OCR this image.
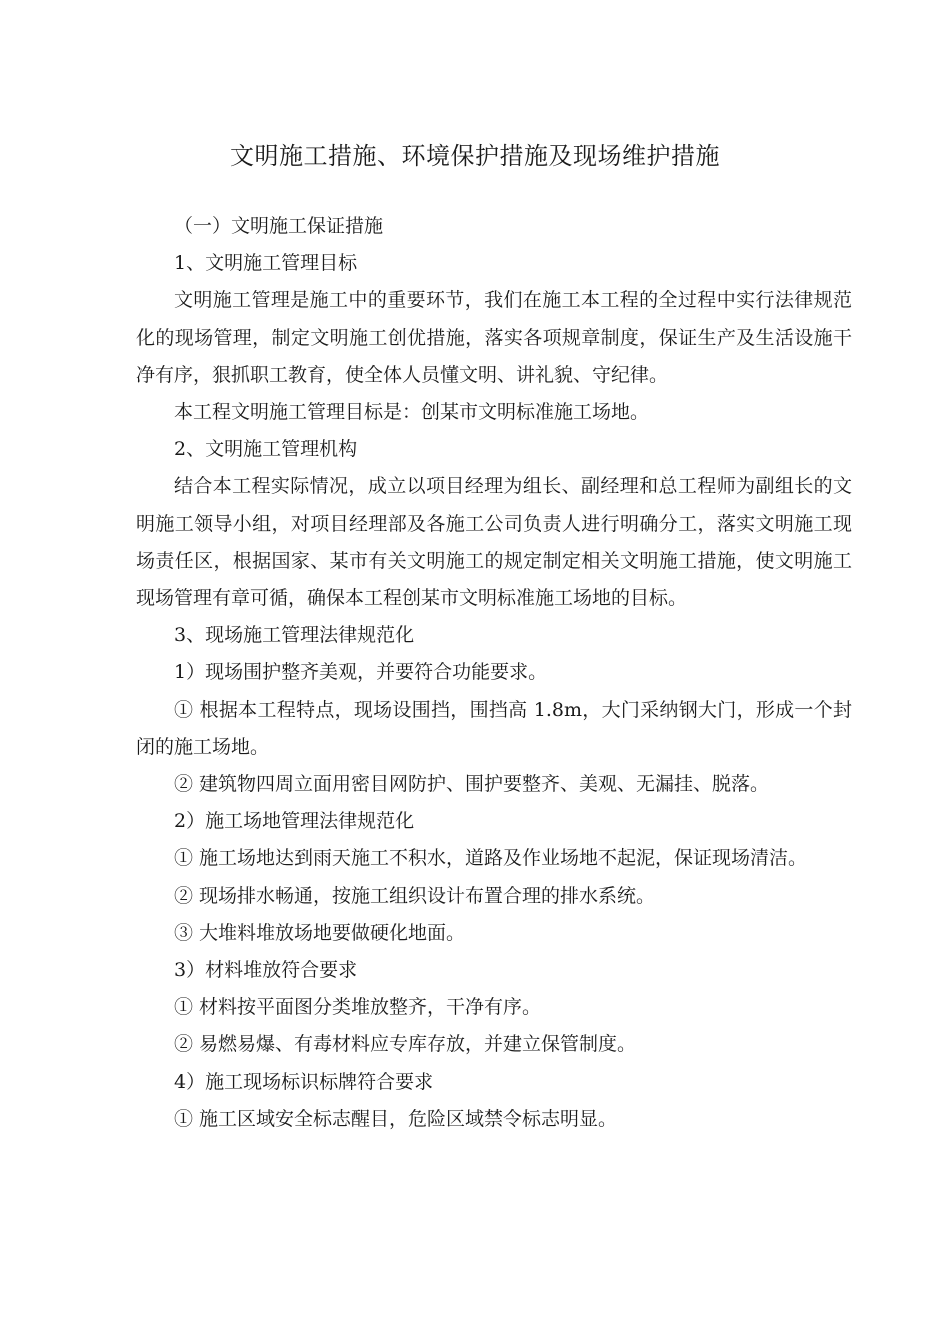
文明施工措施、环境保护措施及现场维护措施

（一）文明施工保证措施

1、文明施工管理目标

文明施工管理是施工中的重要环节，我们在施工本工程的全过程中实行法律规范化的现场管理，制定文明施工创优措施，落实各项规章制度，保证生产及生活设施干净有序，狠抓职工教育，使全体人员懂文明、讲礼貌、守纪律。

本工程文明施工管理目标是：创某市文明标准施工场地。

2、文明施工管理机构

结合本工程实际情况，成立以项目经理为组长、副经理和总工程师为副组长的文明施工领导小组，对项目经理部及各施工公司负责人进行明确分工，落实文明施工现场责任区，根据国家、某市有关文明施工的规定制定相关文明施工措施，使文明施工现场管理有章可循，确保本工程创某市文明标准施工场地的目标。

3、现场施工管理法律规范化

1）现场围护整齐美观，并要符合功能要求。

① 根据本工程特点，现场设围挡，围挡高 1.8m，大门采纳钢大门，形成一个封闭的施工场地。

② 建筑物四周立面用密目网防护、围护要整齐、美观、无漏挂、脱落。

2）施工场地管理法律规范化

① 施工场地达到雨天施工不积水，道路及作业场地不起泥，保证现场清洁。

② 现场排水畅通，按施工组织设计布置合理的排水系统。

③ 大堆料堆放场地要做硬化地面。

3）材料堆放符合要求

① 材料按平面图分类堆放整齐，干净有序。

② 易燃易爆、有毒材料应专库存放，并建立保管制度。

4）施工现场标识标牌符合要求

① 施工区域安全标志醒目，危险区域禁令标志明显。
